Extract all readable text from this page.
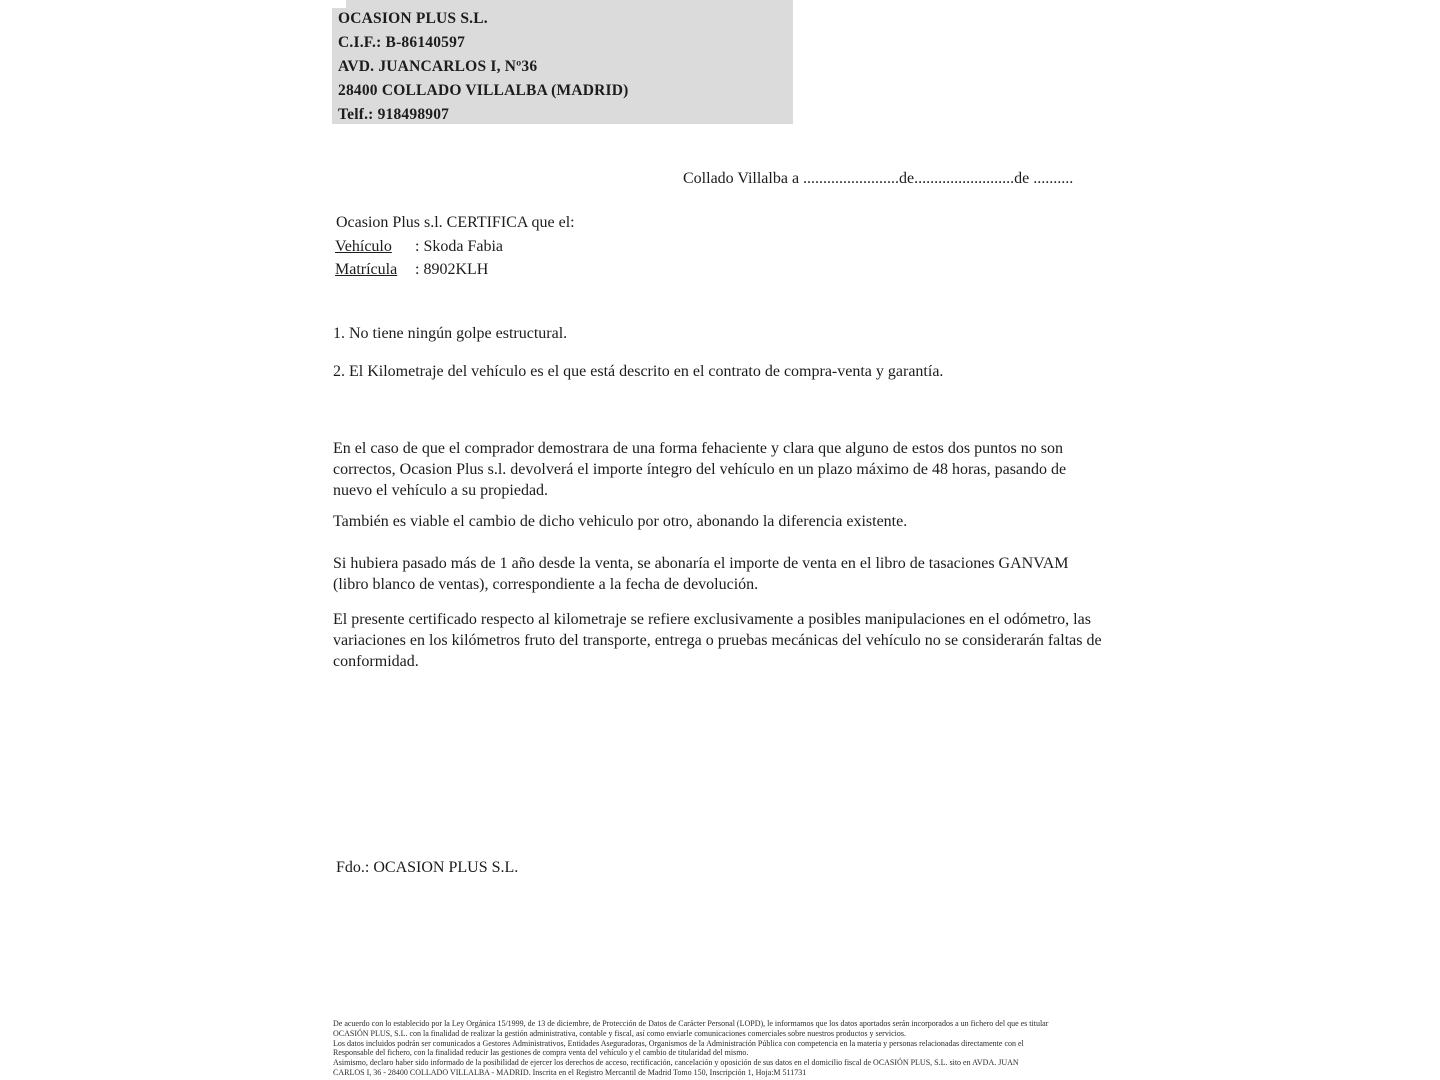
OCASION PLUS S.L.
C.I.F.: B-86140597
AVD. JUANCARLOS I, Nº36
28400 COLLADO VILLALBA (MADRID)
Telf.: 918498907
Collado Villalba a ........................de.........................de ..........
Ocasion Plus s.l. CERTIFICA que el:
Vehículo : Skoda Fabia
Matrícula : 8902KLH
1. No tiene ningún golpe estructural.
2. El Kilometraje del vehículo es el que está descrito en el contrato de compra-venta y garantía.
En el caso de que el comprador demostrara de una forma fehaciente y clara que alguno de estos dos puntos no son correctos, Ocasion Plus s.l. devolverá el importe íntegro del vehículo en un plazo máximo de 48 horas, pasando de nuevo el vehículo a su propiedad.
También es viable el cambio de dicho vehiculo por otro, abonando la diferencia existente.
Si hubiera pasado más de 1 año desde la venta, se abonaría el importe de venta en el libro de tasaciones GANVAM (libro blanco de ventas), correspondiente a la fecha de devolución.
El presente certificado respecto al kilometraje se refiere exclusivamente a posibles manipulaciones en el odómetro, las variaciones en los kilómetros fruto del transporte, entrega o pruebas mecánicas del vehículo no se considerarán faltas de conformidad.
Fdo.: OCASION PLUS S.L.
De acuerdo con lo establecido por la Ley Orgánica 15/1999, de 13 de diciembre, de Protección de Datos de Carácter Personal (LOPD), le informamos que los datos aportados serán incorporados a un fichero del que es titular
OCASIÓN PLUS, S.L. con la finalidad de realizar la gestión administrativa, contable y fiscal, así como enviarle comunicaciones comerciales sobre nuestros productos y servicios.
Los datos incluidos podrán ser comunicados a Gestores Administrativos, Entidades Aseguradoras, Organismos de la Administración Pública con competencia en la materia y personas relacionadas directamente con el
Responsable del fichero, con la finalidad reducir las gestiones de compra venta del vehículo y el cambio de titularidad del mismo.
Asimismo, declaro haber sido informado de la posibilidad de ejercer los derechos de acceso, rectificación, cancelación y oposición de sus datos en el domicilio fiscal de OCASIÓN PLUS, S.L. sito en AVDA. JUAN
CARLOS I, 36 - 28400 COLLADO VILLALBA - MADRID. Inscrita en el Registro Mercantil de Madrid Tomo 150, Inscripción 1, Hoja:M 511731
